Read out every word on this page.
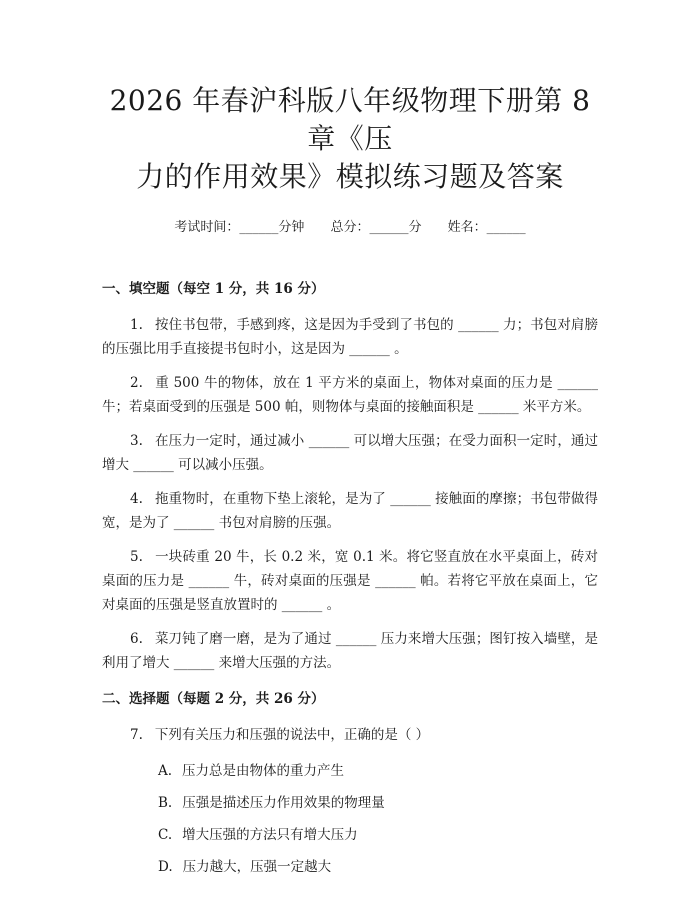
2026 年春沪科版八年级物理下册第 8 章《压
力的作用效果》模拟练习题及答案
考试时间：______分钟 总分：______分 姓名：______
一、填空题（每空 1 分，共 16 分）

1. 按住书包带，手感到疼，这是因为手受到了书包的 ______ 力；书包对肩膀的压强比用手直接提书包时小，这是因为 ______ 。

2. 重 500 牛的物体，放在 1 平方米的桌面上，物体对桌面的压力是 ______ 牛；若桌面受到的压强是 500 帕，则物体与桌面的接触面积是 ______ 米平方米。

3. 在压力一定时，通过减小 ______ 可以增大压强；在受力面积一定时，通过增大 ______ 可以减小压强。

4. 拖重物时，在重物下垫上滚轮，是为了 ______ 接触面的摩擦；书包带做得宽，是为了 ______ 书包对肩膀的压强。

5. 一块砖重 20 牛，长 0.2 米，宽 0.1 米。将它竖直放在水平桌面上，砖对桌面的压力是 ______ 牛，砖对桌面的压强是 ______ 帕。若将它平放在桌面上，它对桌面的压强是竖直放置时的 ______ 。

6. 菜刀钝了磨一磨，是为了通过 ______ 压力来增大压强；图钉按入墙壁，是利用了增大 ______ 来增大压强的方法。

二、选择题（每题 2 分，共 26 分）

7. 下列有关压力和压强的说法中，正确的是（ ）

A. 压力总是由物体的重力产生
B. 压强是描述压力作用效果的物理量
C. 增大压强的方法只有增大压力
D. 压力越大，压强一定越大
